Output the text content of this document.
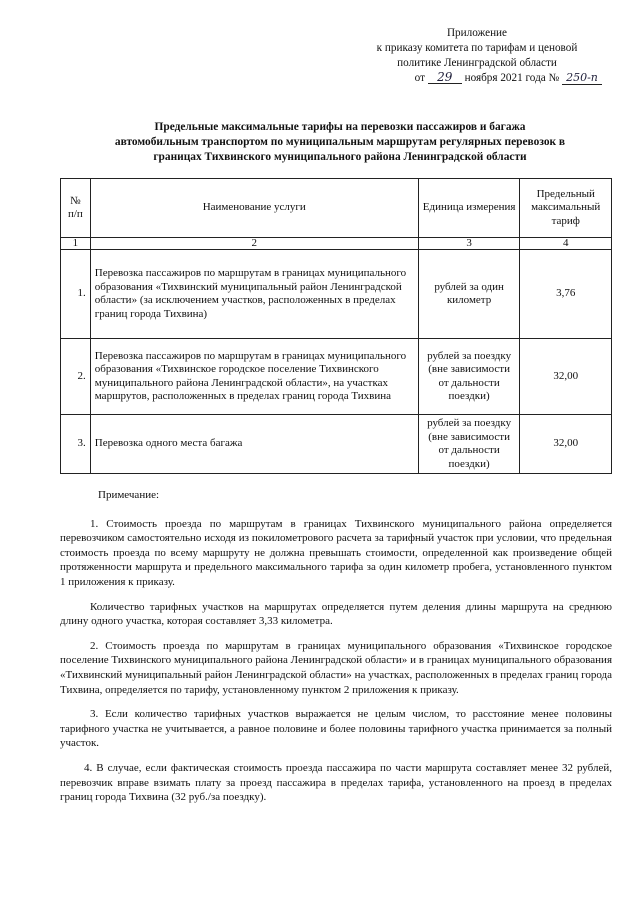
Приложение
к приказу комитета по тарифам и ценовой
политике Ленинградской области
от 29 ноября 2021 года № 250-п
Предельные максимальные тарифы на перевозки пассажиров и багажа
автомобильным транспортом по муниципальным маршрутам регулярных перевозок в
границах Тихвинского муниципального района Ленинградской области
№ п/п	Наименование услуги	Единица измерения	Предельный максимальный тариф
1	2	3	4
1.	Перевозка пассажиров по маршрутам в границах муниципального образования «Тихвинский муниципальный район Ленинградской области» (за исключением участков, расположенных в пределах границ города Тихвина)	рублей за один километр	3,76
2.	Перевозка пассажиров по маршрутам в границах муниципального образования «Тихвинское городское поселение Тихвинского муниципального района Ленинградской области», на участках маршрутов, расположенных в пределах границ города Тихвина	рублей за поездку (вне зависимости от дальности поездки)	32,00
3.	Перевозка одного места багажа	рублей за поездку (вне зависимости от дальности поездки)	32,00
Примечание:

1. Стоимость проезда по маршрутам в границах Тихвинского муниципального района определяется перевозчиком самостоятельно исходя из покилометрового расчета за тарифный участок при условии, что предельная стоимость проезда по всему маршруту не должна превышать стоимости, определенной как произведение общей протяженности маршрута и предельного максимального тарифа за один километр пробега, установленного пунктом 1 приложения к приказу.

Количество тарифных участков на маршрутах определяется путем деления длины маршрута на среднюю длину одного участка, которая составляет 3,33 километра.

2. Стоимость проезда по маршрутам в границах муниципального образования «Тихвинское городское поселение Тихвинского муниципального района Ленинградской области» и в границах муниципального образования «Тихвинский муниципальный район Ленинградской области» на участках, расположенных в пределах границ города Тихвина, определяется по тарифу, установленному пунктом 2 приложения к приказу.

3. Если количество тарифных участков выражается не целым числом, то расстояние менее половины тарифного участка не учитывается, а равное половине и более половины тарифного участка принимается за полный участок.

4. В случае, если фактическая стоимость проезда пассажира по части маршрута составляет менее 32 рублей, перевозчик вправе взимать плату за проезд пассажира в пределах тарифа, установленного на проезд в пределах границ города Тихвина (32 руб./за поездку).
